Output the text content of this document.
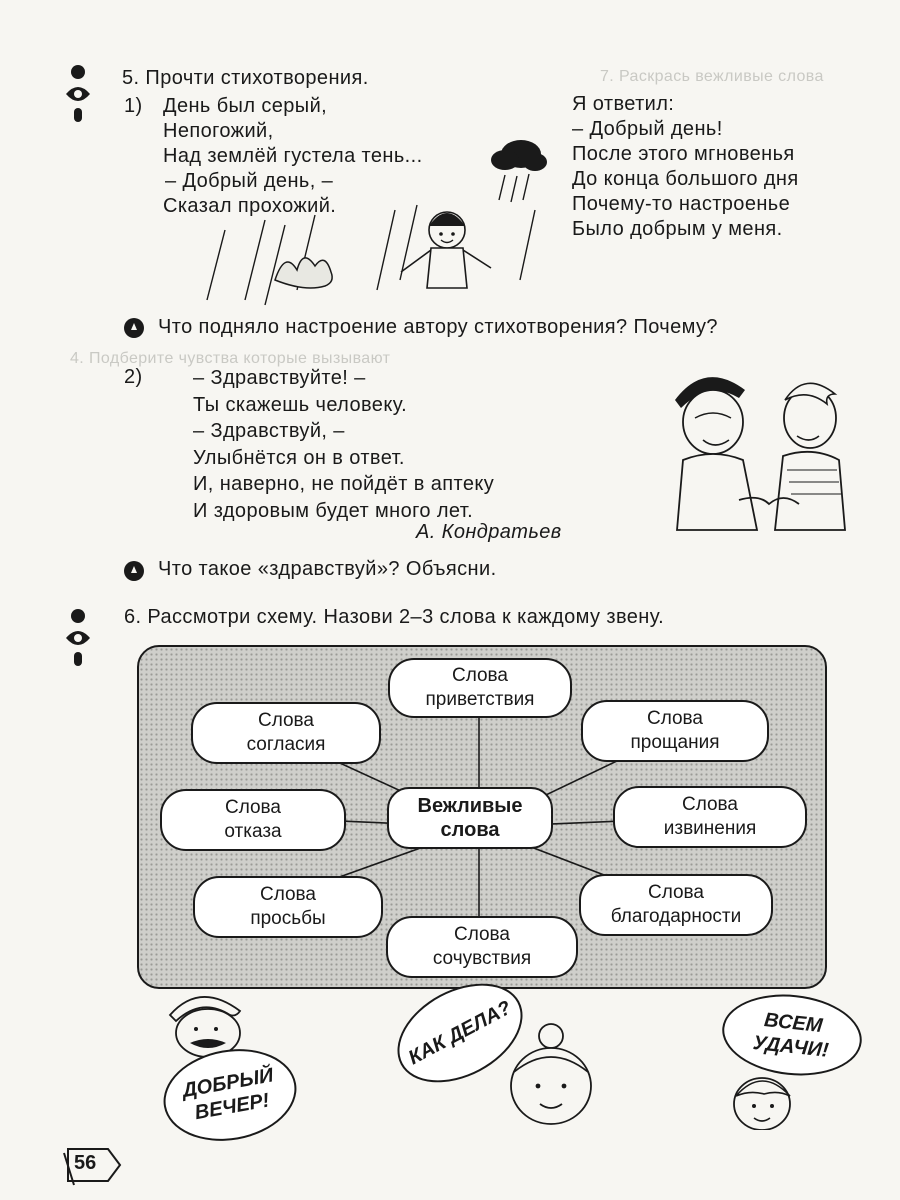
7. Раскрась вежливые слова
4. Подберите чувства которые вызывают
5. Прочти стихотворения.
1) День был серый,
Непогожий,
Над землёй густела тень...
– Добрый день, –
Сказал прохожий.
Я ответил:
– Добрый день!
После этого мгновенья
До конца большого дня
Почему-то настроенье
Было добрым у меня.
Что подняло настроение автору стихотворения? Почему?
2)	– Здравствуйте! –
Ты скажешь человеку.
– Здравствуй, –
Улыбнётся он в ответ.
И, наверно, не пойдёт в аптеку
И здоровым будет много лет.
А. Кондратьев
Что такое «здравствуй»? Объясни.
6. Рассмотри схему. Назови 2–3 слова к каждому звену.
Слова
приветствия
Слова
согласия
Слова
прощания
Слова
отказа
Вежливые
слова
Слова
извинения
Слова
просьбы
Слова
благодарности
Слова
сочувствия
ДОБРЫЙ ВЕЧЕР!
КАК ДЕЛА?	ВСЕМ УДАЧИ!
56
